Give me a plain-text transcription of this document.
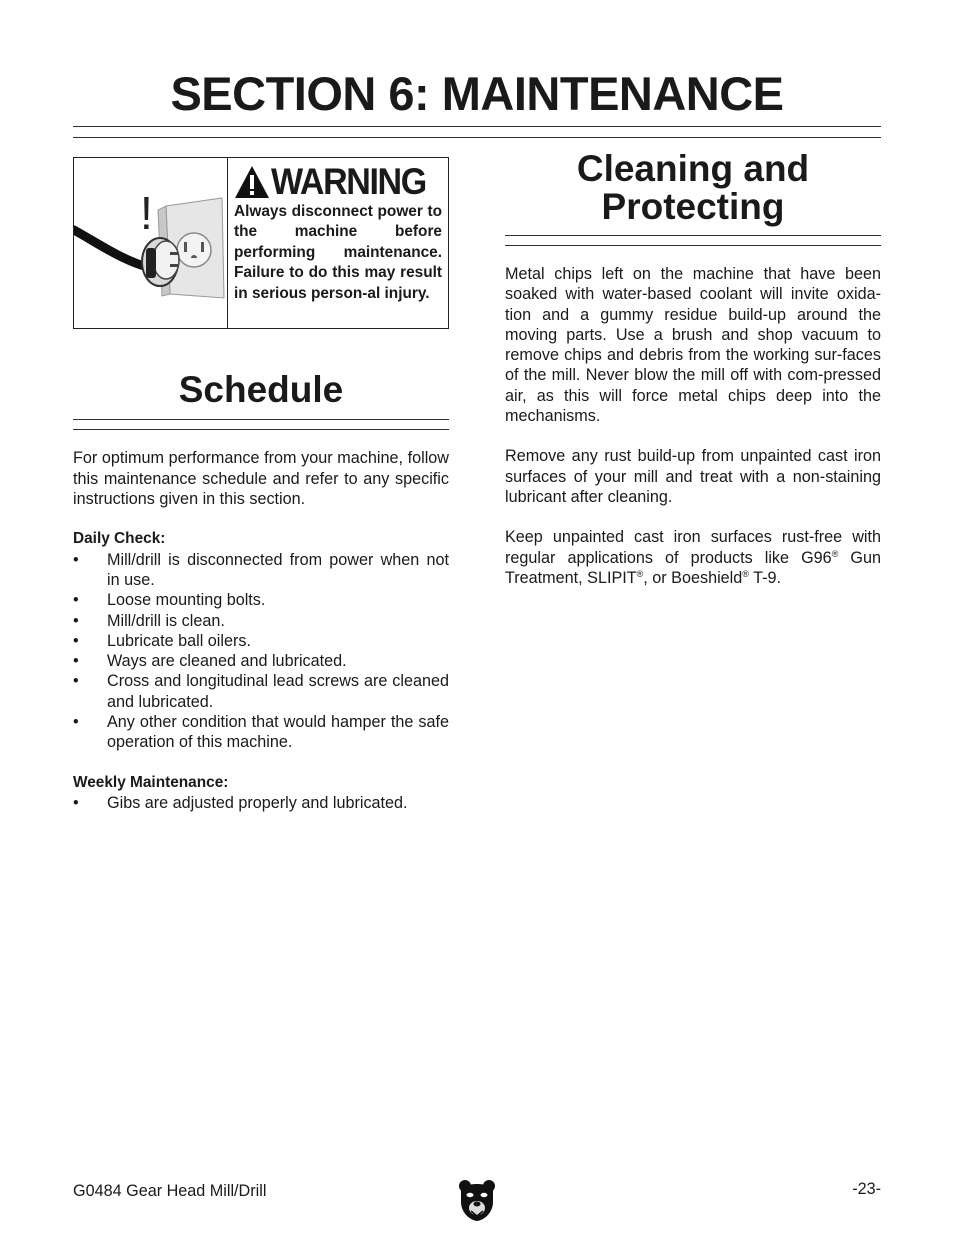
SECTION 6: MAINTENANCE
!
WARNING

Always disconnect power to the machine before performing maintenance. Failure to do this may result in serious person-al injury.

Schedule

For optimum performance from your machine, follow this maintenance schedule and refer to any specific instructions given in this section.

Daily Check:

• Mill/drill is disconnected from power when not in use.
• Loose mounting bolts.
• Mill/drill is clean.
• Lubricate ball oilers.
• Ways are cleaned and lubricated.
• Cross and longitudinal lead screws are cleaned and lubricated.
• Any other condition that would hamper the safe operation of this machine.

Weekly Maintenance:

• Gibs are adjusted properly and lubricated.
Cleaning and
Protecting

Metal chips left on the machine that have been soaked with water-based coolant will invite oxida-tion and a gummy residue build-up around the moving parts. Use a brush and shop vacuum to remove chips and debris from the working sur-faces of the mill. Never blow the mill off with com-pressed air, as this will force metal chips deep into the mechanisms.

Remove any rust build-up from unpainted cast iron surfaces of your mill and treat with a non-staining lubricant after cleaning.

Keep unpainted cast iron surfaces rust-free with regular applications of products like G96® Gun Treatment, SLIPIT®, or Boeshield® T-9.

G0484 Gear Head Mill/Drill	-23-
